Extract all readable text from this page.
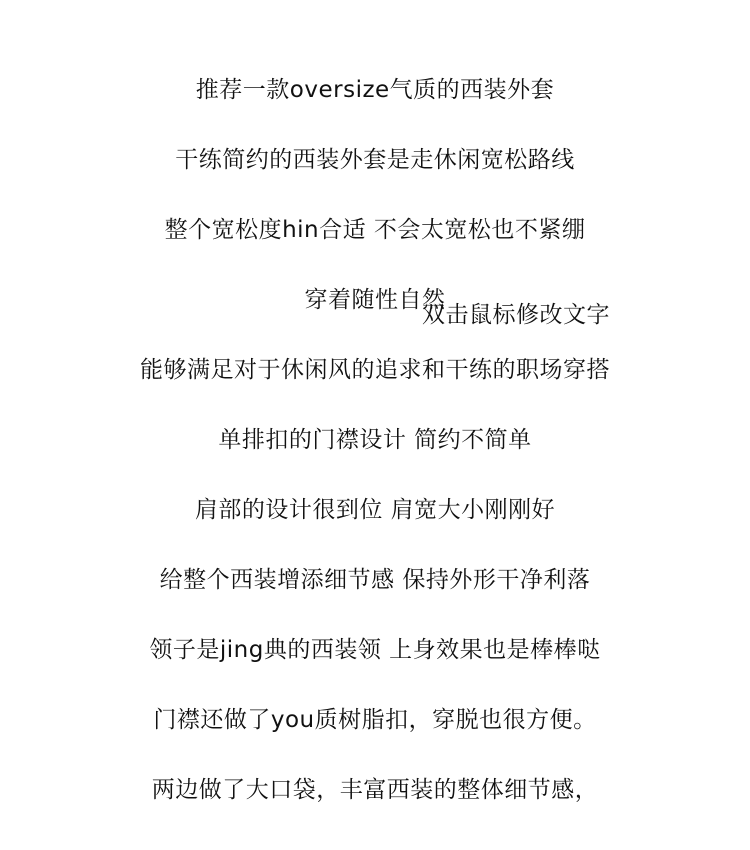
推荐一款oversize气质的西装外套
干练简约的西装外套是走休闲宽松路线
整个宽松度hin合适 不会太宽松也不紧绷
穿着随性自然
双击鼠标修改文字
能够满足对于休闲风的追求和干练的职场穿搭
单排扣的门襟设计 简约不简单
肩部的设计很到位 肩宽大小刚刚好
给整个西装增添细节感 保持外形干净利落
领子是jing典的西装领 上身效果也是棒棒哒
门襟还做了you质树脂扣，穿脱也很方便。
两边做了大口袋，丰富西装的整体细节感，
